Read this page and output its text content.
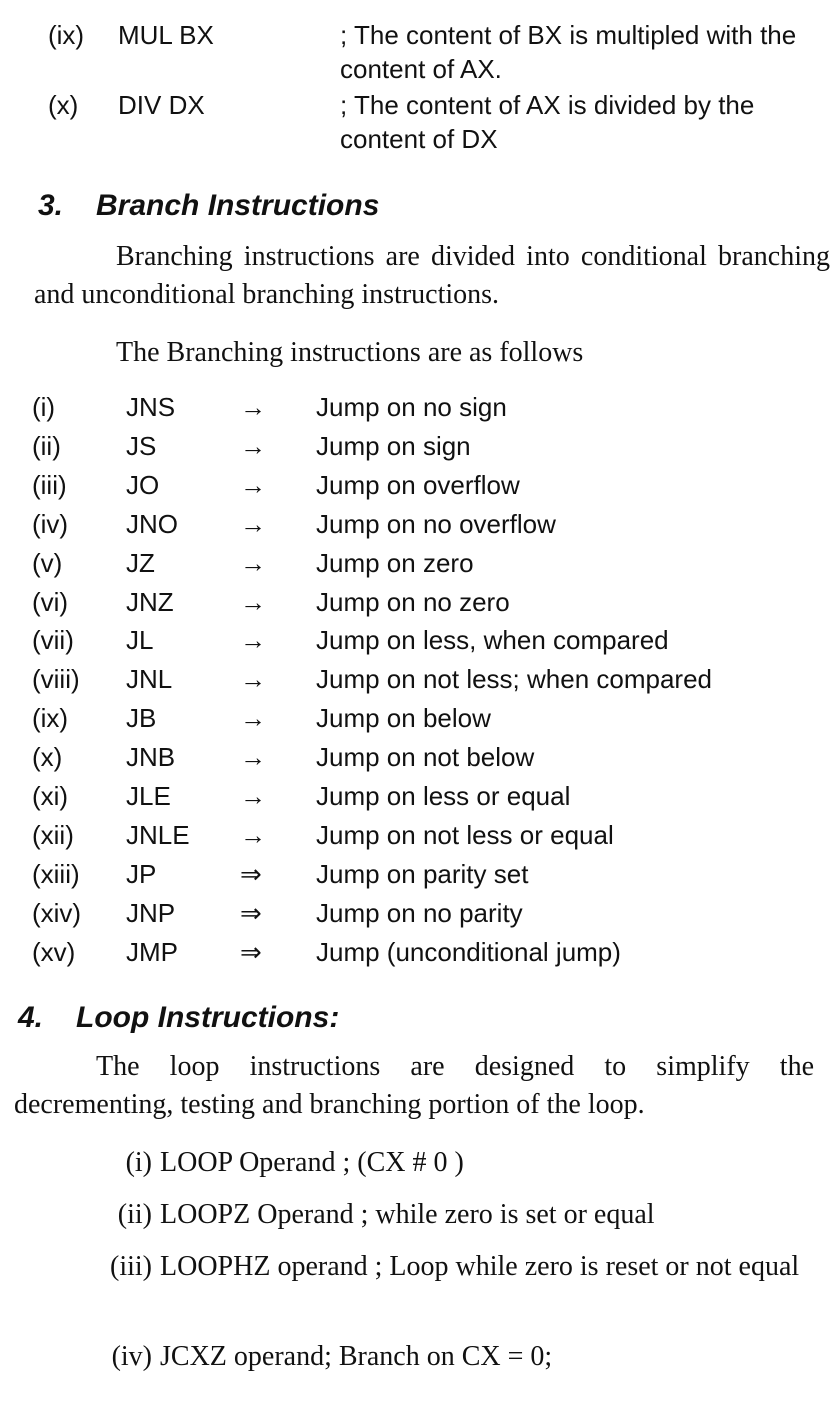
(ix) MUL BX	; The content of BX is multipled with the content of AX.
(x) DIV DX	; The content of AX is divided by the content of DX
3. Branch Instructions
Branching instructions are divided into conditional branching and unconditional branching instructions.
The Branching instructions are as follows
(i)	JNS → Jump on no sign
(ii)	JS	→ Jump on sign
(iii) JO	→ Jump on overflow
(iv) JNO → Jump on no overflow
(v) JZ	→ Jump on zero
(vi) JNZ	→ Jump on no zero
(vii) JL	→ Jump on less, when compared
(viii) JNL	→ Jump on not less; when compared
(ix) JB	→ Jump on below
(x) JNB → Jump on not below
(xi) JLE	→ Jump on less or equal
(xii) JNLE → Jump on not less or equal
(xiii) JP	⇒ Jump on parity set
(xiv) JNP ⇒ Jump on no parity
(xv) JMP ⇒ Jump (unconditional jump)
4. Loop Instructions:
The loop instructions are designed to simplify the decrementing, testing and branching portion of the loop.
(i) LOOP Operand ; (CX # 0 )
(ii) LOOPZ Operand ; while zero is set or equal
(iii) LOOPHZ operand ; Loop while zero is reset or not equal
(iv) JCXZ operand; Branch on CX = 0;
